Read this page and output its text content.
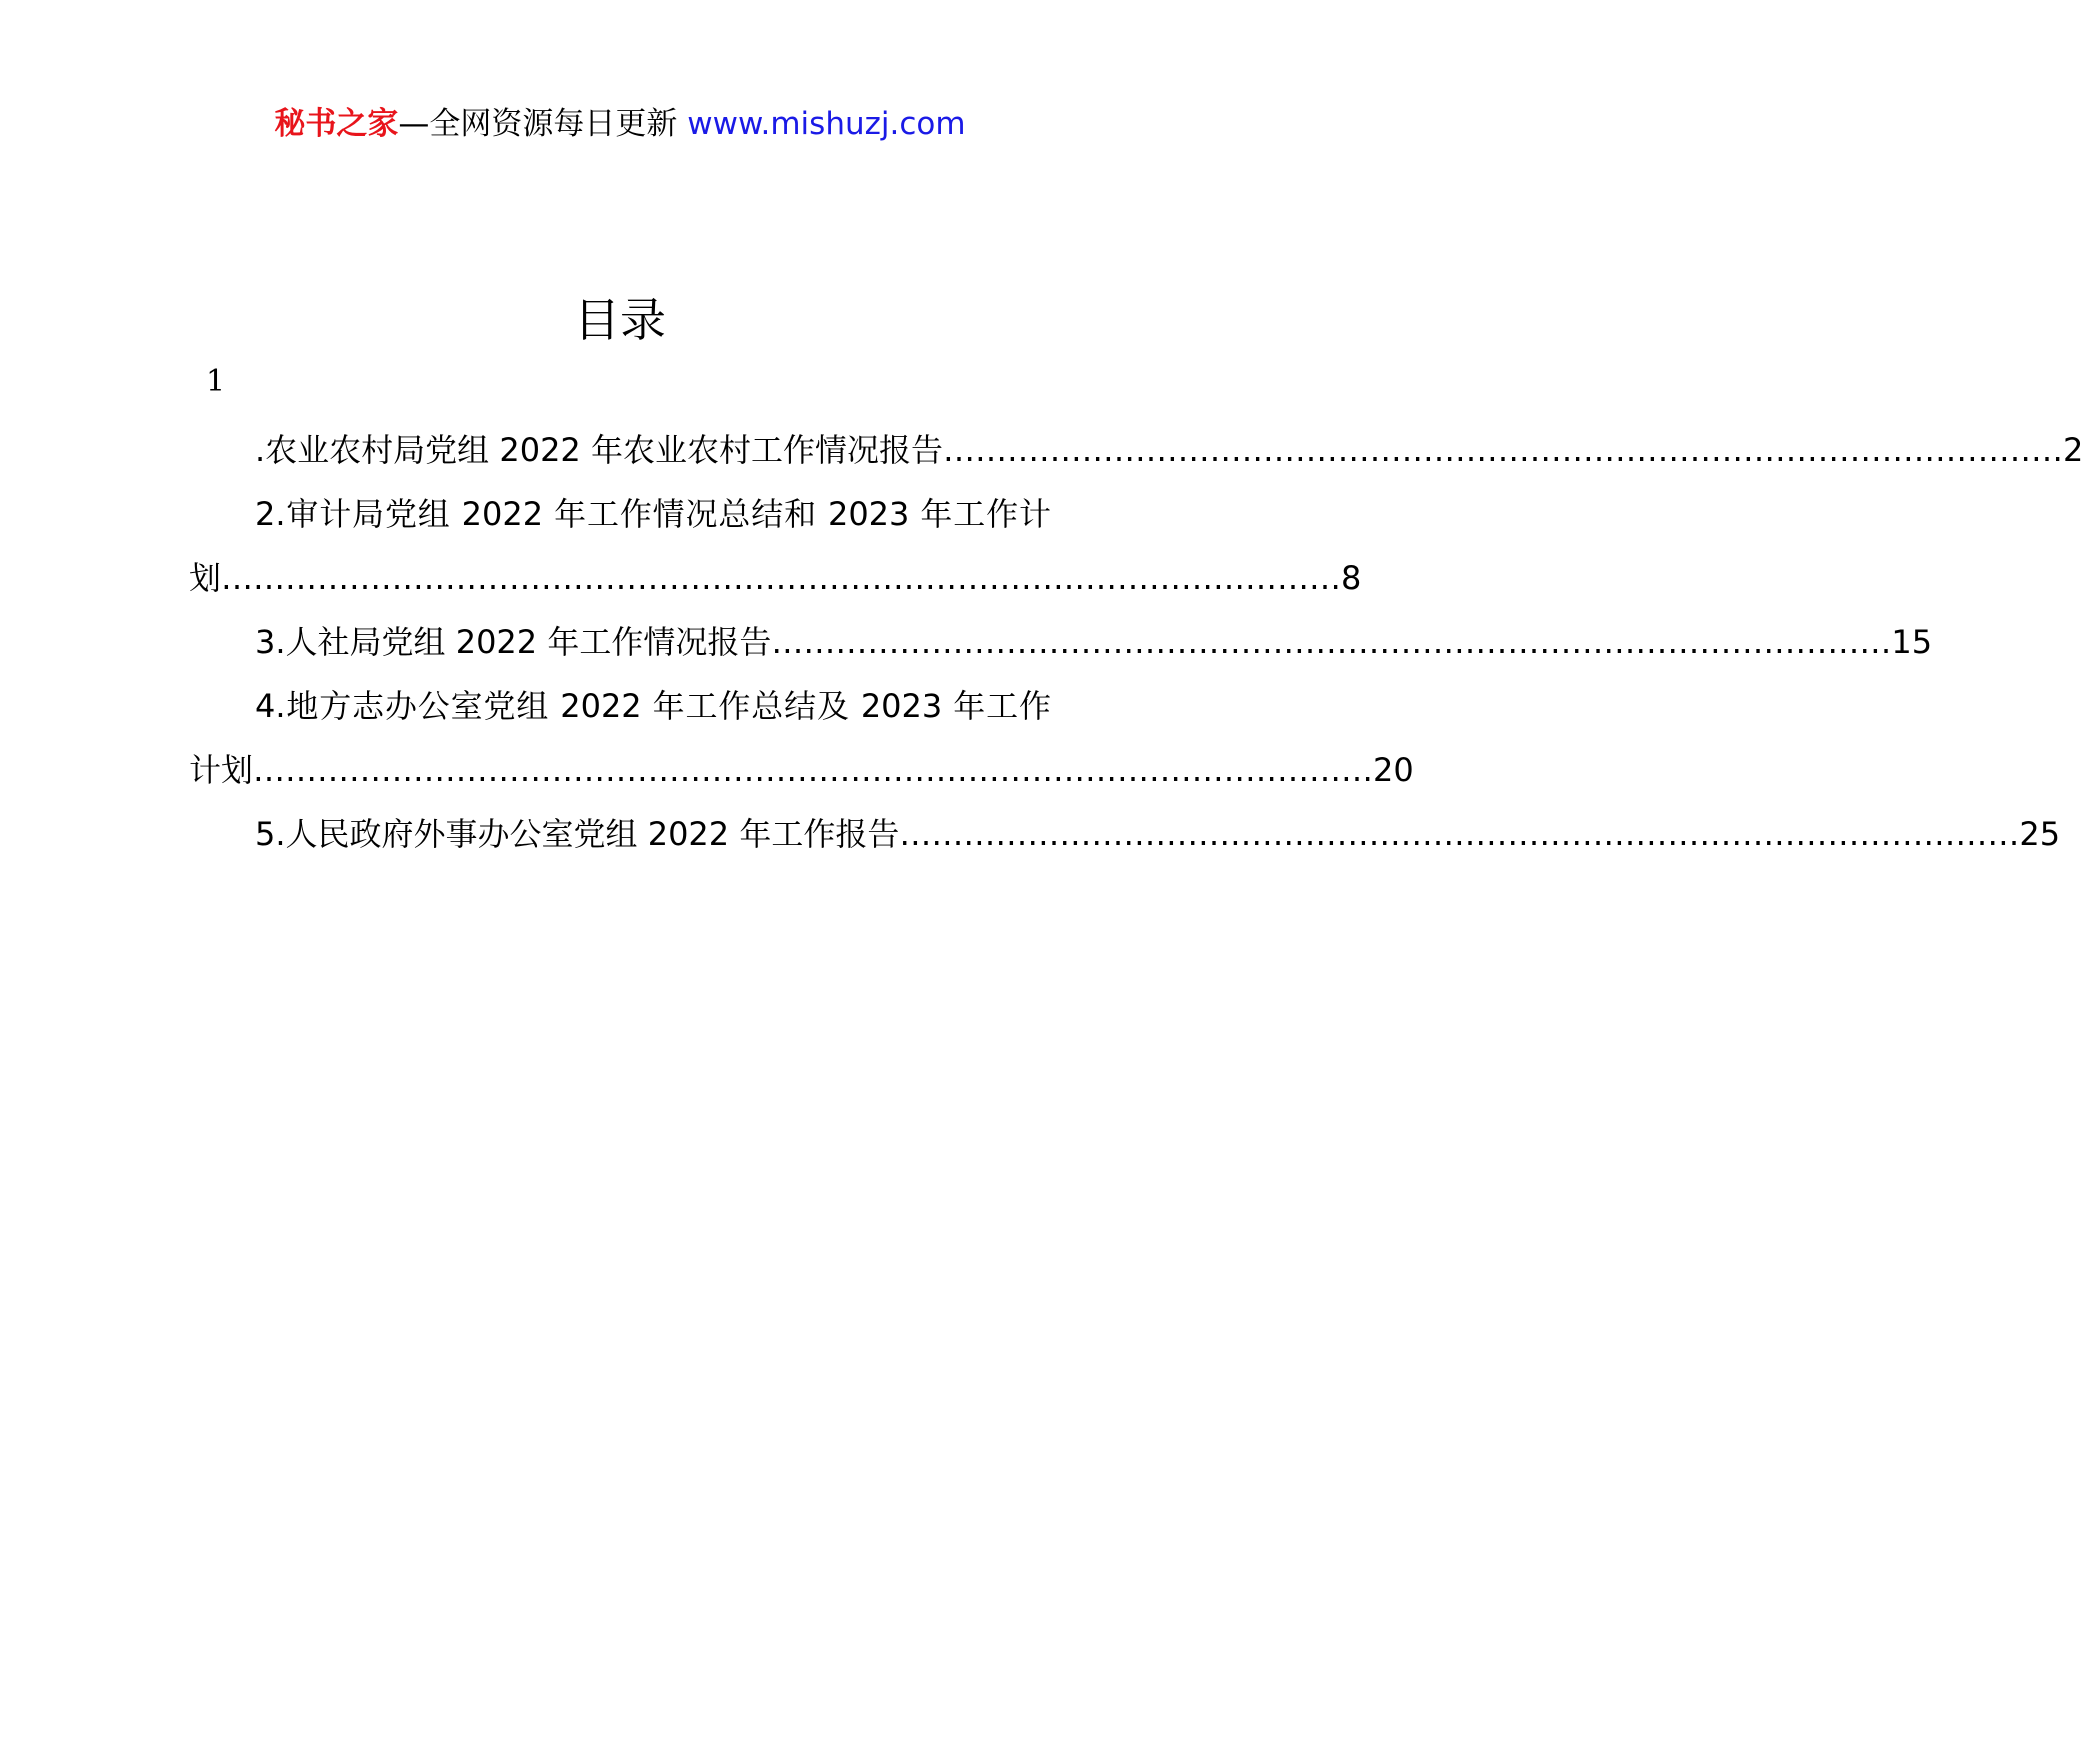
秘书之家—全网资源每日更新 www.mishuzj.com
目录
1
.农业农村局党组 2022 年农业农村工作情况报告 …………………………………………………………………………………………… 2
2.审计局党组 2022 年工作情况总结和 2023 年工作计
划 …………………………………………………………………………………………… 8
3.人社局党组 2022 年工作情况报告 …………………………………………………………………………………………… 15
4.地方志办公室党组 2022 年工作总结及 2023 年工作
计划 …………………………………………………………………………………………… 20
5.人民政府外事办公室党组 2022 年工作报告 …………………………………………………………………………………………… 25
